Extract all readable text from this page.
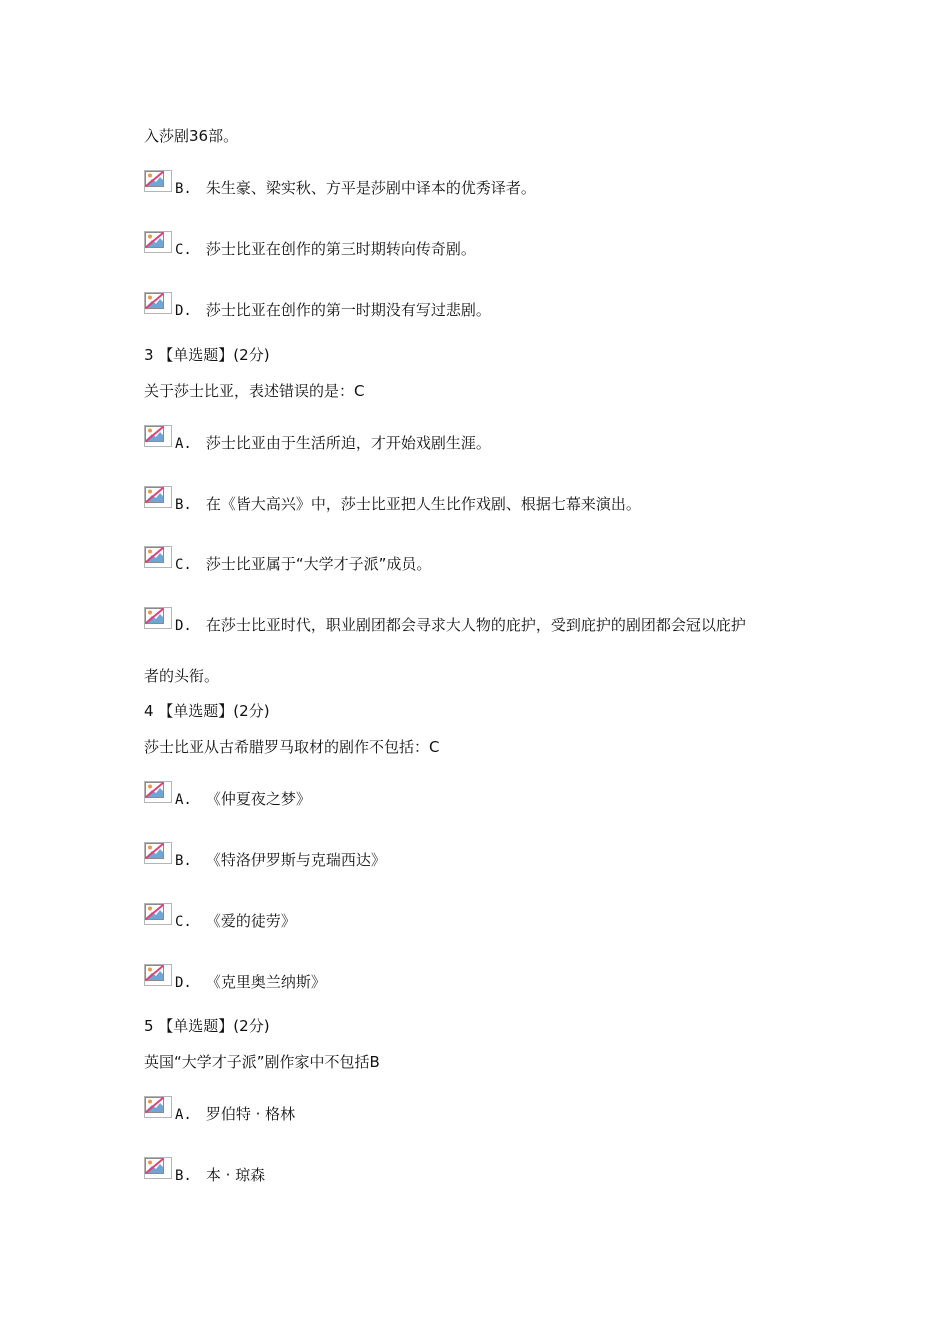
入莎剧36部。
B. 朱生豪、梁实秋、方平是莎剧中译本的优秀译者。
C. 莎士比亚在创作的第三时期转向传奇剧。
D. 莎士比亚在创作的第一时期没有写过悲剧。
3 【单选题】(2分)
关于莎士比亚，表述错误的是：C
A. 莎士比亚由于生活所迫，才开始戏剧生涯。
B. 在《皆大高兴》中，莎士比亚把人生比作戏剧、根据七幕来演出。
C. 莎士比亚属于“大学才子派”成员。
D. 在莎士比亚时代，职业剧团都会寻求大人物的庇护，受到庇护的剧团都会冠以庇护
者的头衔。
4 【单选题】(2分)
莎士比亚从古希腊罗马取材的剧作不包括：C
A. 《仲夏夜之梦》
B. 《特洛伊罗斯与克瑞西达》
C. 《爱的徒劳》
D. 《克里奥兰纳斯》
5 【单选题】(2分)
英国“大学才子派”剧作家中不包括B
A. 罗伯特 · 格林
B. 本 · 琼森
